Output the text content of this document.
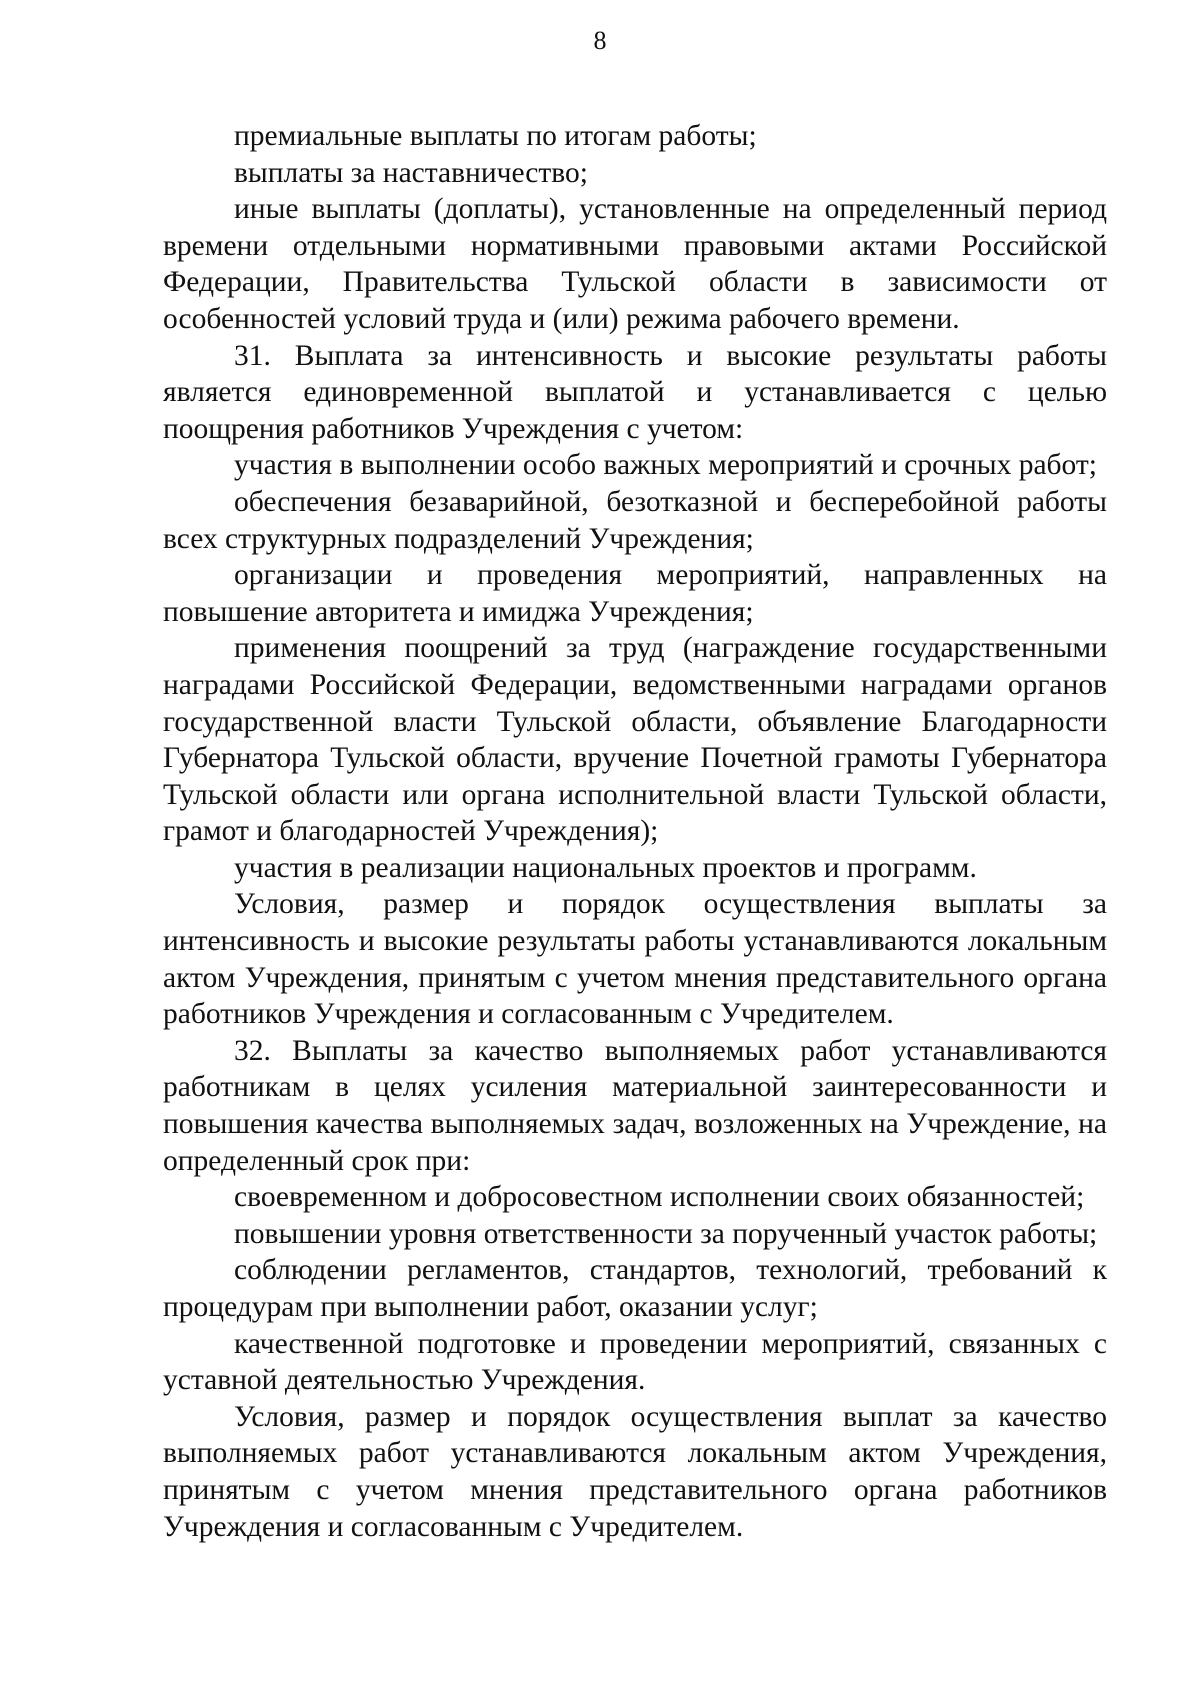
8

премиальные выплаты по итогам работы;

выплаты за наставничество;

иные выплаты (доплаты), установленные на определенный период времени отдельными нормативными правовыми актами Российской Федерации, Правительства Тульской области в зависимости от особенностей условий труда и (или) режима рабочего времени.

31. Выплата за интенсивность и высокие результаты работы является единовременной выплатой и устанавливается с целью поощрения работников Учреждения с учетом:

участия в выполнении особо важных мероприятий и срочных работ;

обеспечения безаварийной, безотказной и бесперебойной работы всех структурных подразделений Учреждения;

организации и проведения мероприятий, направленных на повышение авторитета и имиджа Учреждения;

применения поощрений за труд (награждение государственными наградами Российской Федерации, ведомственными наградами органов государственной власти Тульской области, объявление Благодарности Губернатора Тульской области, вручение Почетной грамоты Губернатора Тульской области или органа исполнительной власти Тульской области, грамот и благодарностей Учреждения);

участия в реализации национальных проектов и программ.

Условия, размер и порядок осуществления выплаты за интенсивность и высокие результаты работы устанавливаются локальным актом Учреждения, принятым с учетом мнения представительного органа работников Учреждения и согласованным с Учредителем.

32. Выплаты за качество выполняемых работ устанавливаются работникам в целях усиления материальной заинтересованности и повышения качества выполняемых задач, возложенных на Учреждение, на определенный срок при:

своевременном и добросовестном исполнении своих обязанностей;

повышении уровня ответственности за порученный участок работы;

соблюдении регламентов, стандартов, технологий, требований к процедурам при выполнении работ, оказании услуг;

качественной подготовке и проведении мероприятий, связанных с уставной деятельностью Учреждения.

Условия, размер и порядок осуществления выплат за качество выполняемых работ устанавливаются локальным актом Учреждения, принятым с учетом мнения представительного органа работников Учреждения и согласованным с Учредителем.
